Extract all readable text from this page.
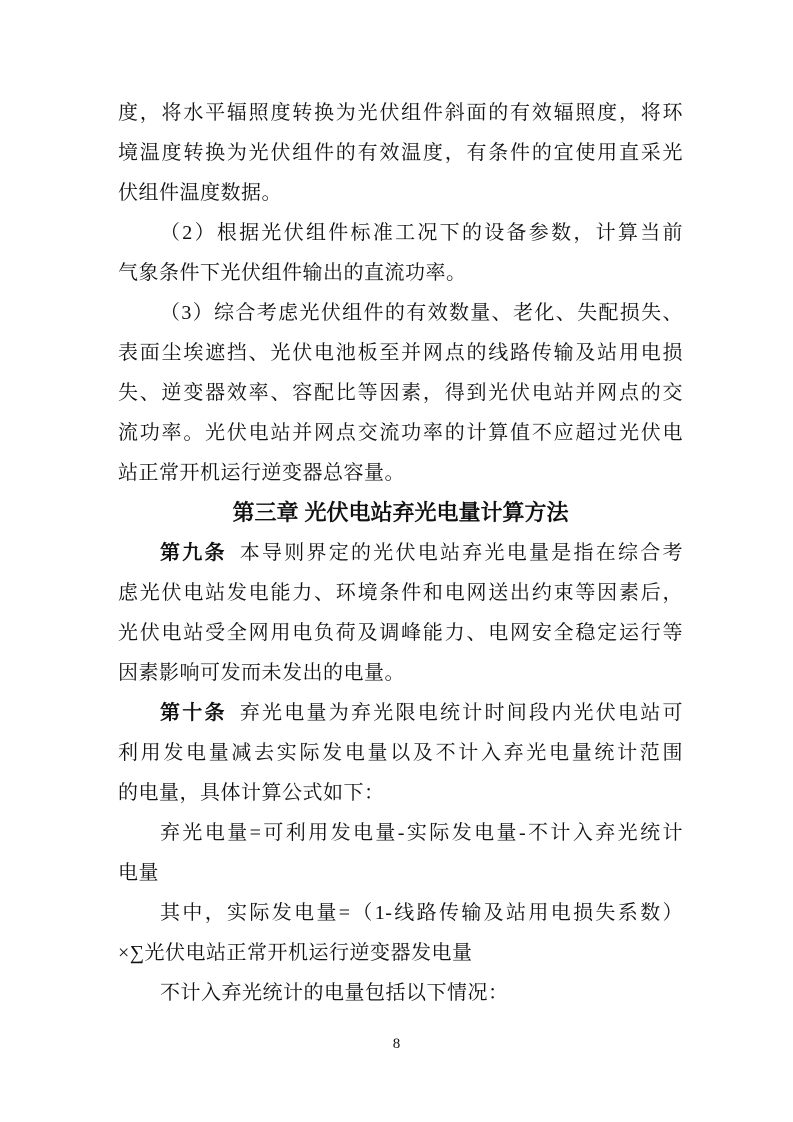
度，将水平辐照度转换为光伏组件斜面的有效辐照度，将环
境温度转换为光伏组件的有效温度，有条件的宜使用直采光
伏组件温度数据。
（2）根据光伏组件标准工况下的设备参数，计算当前
气象条件下光伏组件输出的直流功率。
（3）综合考虑光伏组件的有效数量、老化、失配损失、
表面尘埃遮挡、光伏电池板至并网点的线路传输及站用电损
失、逆变器效率、容配比等因素，得到光伏电站并网点的交
流功率。光伏电站并网点交流功率的计算值不应超过光伏电
站正常开机运行逆变器总容量。
第三章 光伏电站弃光电量计算方法
第九条 本导则界定的光伏电站弃光电量是指在综合考
虑光伏电站发电能力、环境条件和电网送出约束等因素后，
光伏电站受全网用电负荷及调峰能力、电网安全稳定运行等
因素影响可发而未发出的电量。
第十条 弃光电量为弃光限电统计时间段内光伏电站可
利用发电量减去实际发电量以及不计入弃光电量统计范围
的电量，具体计算公式如下：
弃光电量=可利用发电量-实际发电量-不计入弃光统计
电量
其中，实际发电量=（1-线路传输及站用电损失系数）
×∑光伏电站正常开机运行逆变器发电量
不计入弃光统计的电量包括以下情况：
8
